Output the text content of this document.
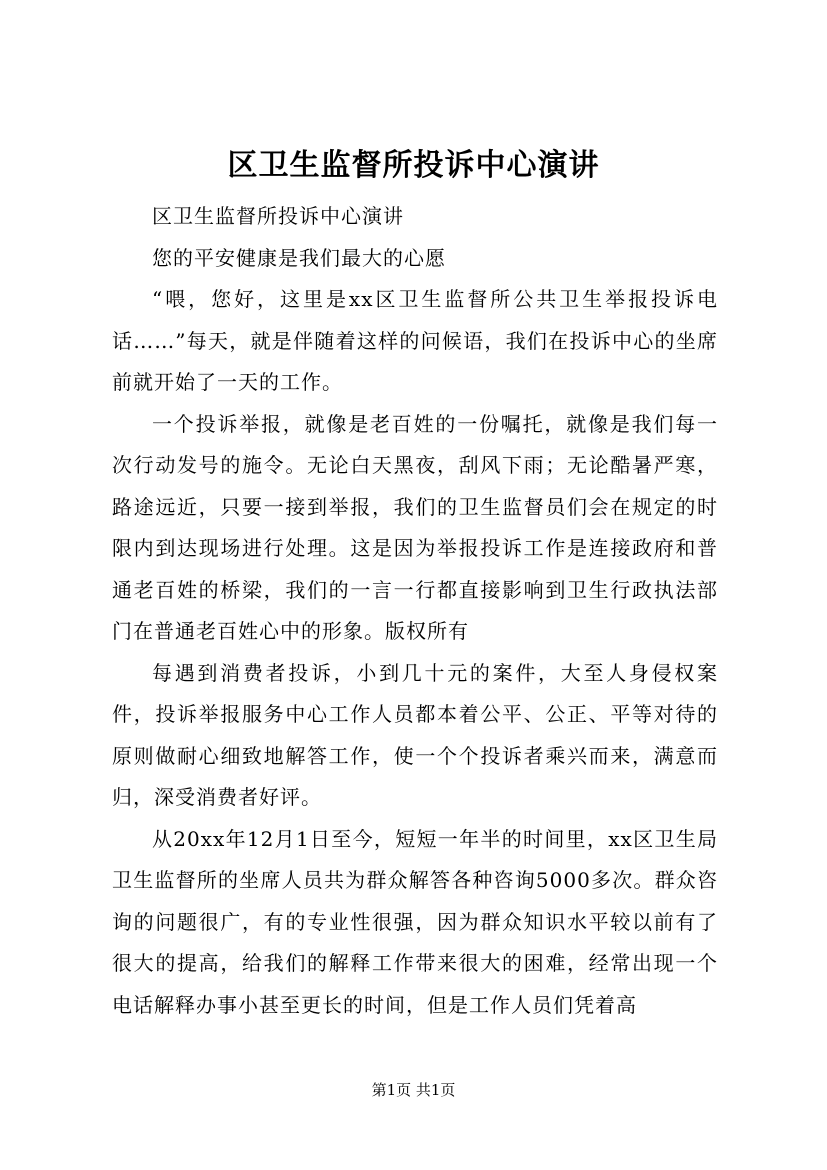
区卫生监督所投诉中心演讲

区卫生监督所投诉中心演讲

您的平安健康是我们最大的心愿

“喂，您好，这里是xx区卫生监督所公共卫生举报投诉电话……”每天，就是伴随着这样的问候语，我们在投诉中心的坐席前就开始了一天的工作。

一个投诉举报，就像是老百姓的一份嘱托，就像是我们每一次行动发号的施令。无论白天黑夜，刮风下雨；无论酷暑严寒，路途远近，只要一接到举报，我们的卫生监督员们会在规定的时限内到达现场进行处理。这是因为举报投诉工作是连接政府和普通老百姓的桥梁，我们的一言一行都直接影响到卫生行政执法部门在普通老百姓心中的形象。版权所有

每遇到消费者投诉，小到几十元的案件，大至人身侵权案件，投诉举报服务中心工作人员都本着公平、公正、平等对待的原则做耐心细致地解答工作，使一个个投诉者乘兴而来，满意而归，深受消费者好评。

从20xx年12月1日至今，短短一年半的时间里，xx区卫生局卫生监督所的坐席人员共为群众解答各种咨询5000多次。群众咨询的问题很广，有的专业性很强，因为群众知识水平较以前有了很大的提高，给我们的解释工作带来很大的困难，经常出现一个电话解释办事小甚至更长的时间，但是工作人员们凭着高

第1页 共1页
